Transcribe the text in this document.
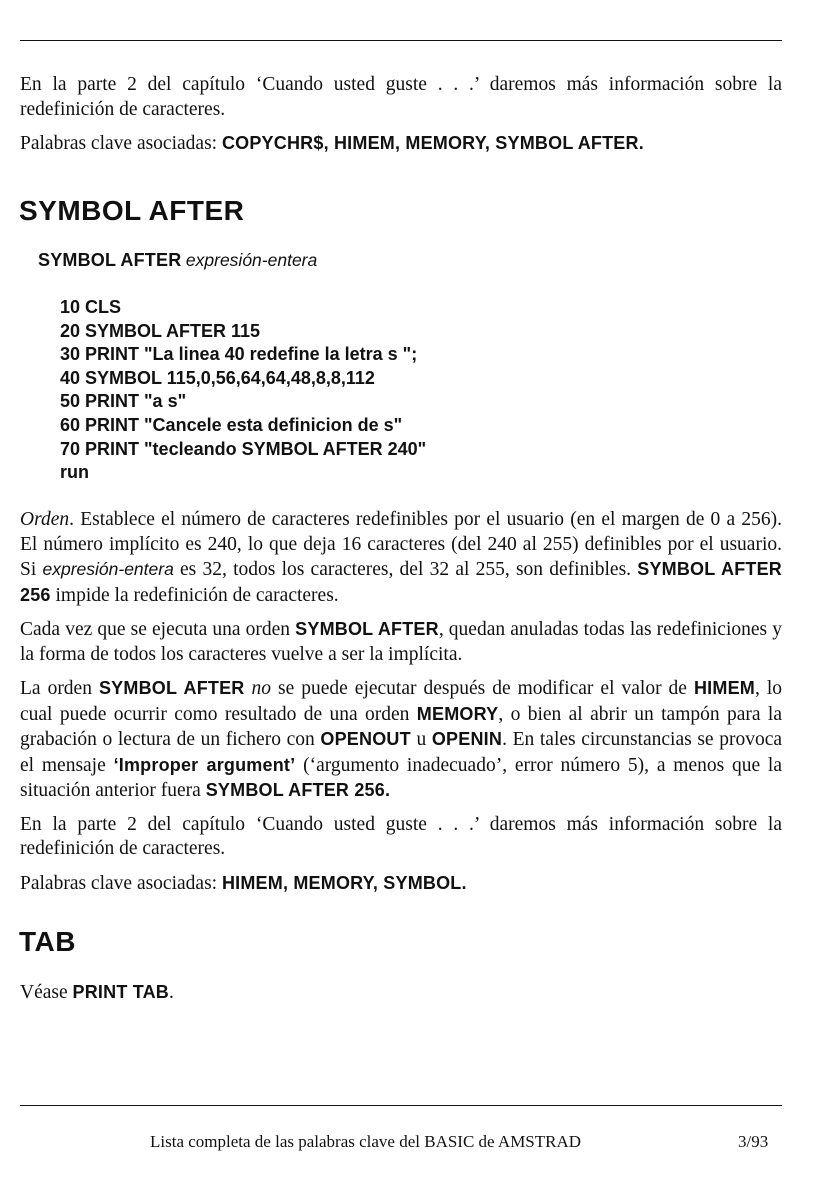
En la parte 2 del capítulo ‘Cuando usted guste . . .’ daremos más información sobre la redefinición de caracteres.

Palabras clave asociadas: COPYCHR$, HIMEM, MEMORY, SYMBOL AFTER.

SYMBOL AFTER
SYMBOL AFTER expresión-entera
10 CLS
20 SYMBOL AFTER 115
30 PRINT "La linea 40 redefine la letra s ";
40 SYMBOL 115,0,56,64,64,48,8,8,112
50 PRINT "a s"
60 PRINT "Cancele esta definicion de s"
70 PRINT "tecleando SYMBOL AFTER 240"
run

Orden. Establece el número de caracteres redefinibles por el usuario (en el margen de 0 a 256). El número implícito es 240, lo que deja 16 caracteres (del 240 al 255) definibles por el usuario. Si expresión-entera es 32, todos los caracteres, del 32 al 255, son definibles. SYMBOL AFTER 256 impide la redefinición de caracteres.

Cada vez que se ejecuta una orden SYMBOL AFTER, quedan anuladas todas las redefiniciones y la forma de todos los caracteres vuelve a ser la implícita.

La orden SYMBOL AFTER no se puede ejecutar después de modificar el valor de HIMEM, lo cual puede ocurrir como resultado de una orden MEMORY, o bien al abrir un tampón para la grabación o lectura de un fichero con OPENOUT u OPENIN. En tales circunstancias se provoca el mensaje ‘Improper argument’ (‘argumento inadecuado’, error número 5), a menos que la situación anterior fuera SYMBOL AFTER 256.

En la parte 2 del capítulo ‘Cuando usted guste . . .’ daremos más información sobre la redefinición de caracteres.

Palabras clave asociadas: HIMEM, MEMORY, SYMBOL.

TAB

Véase PRINT TAB.

Lista completa de las palabras clave del BASIC de AMSTRAD	3/93
